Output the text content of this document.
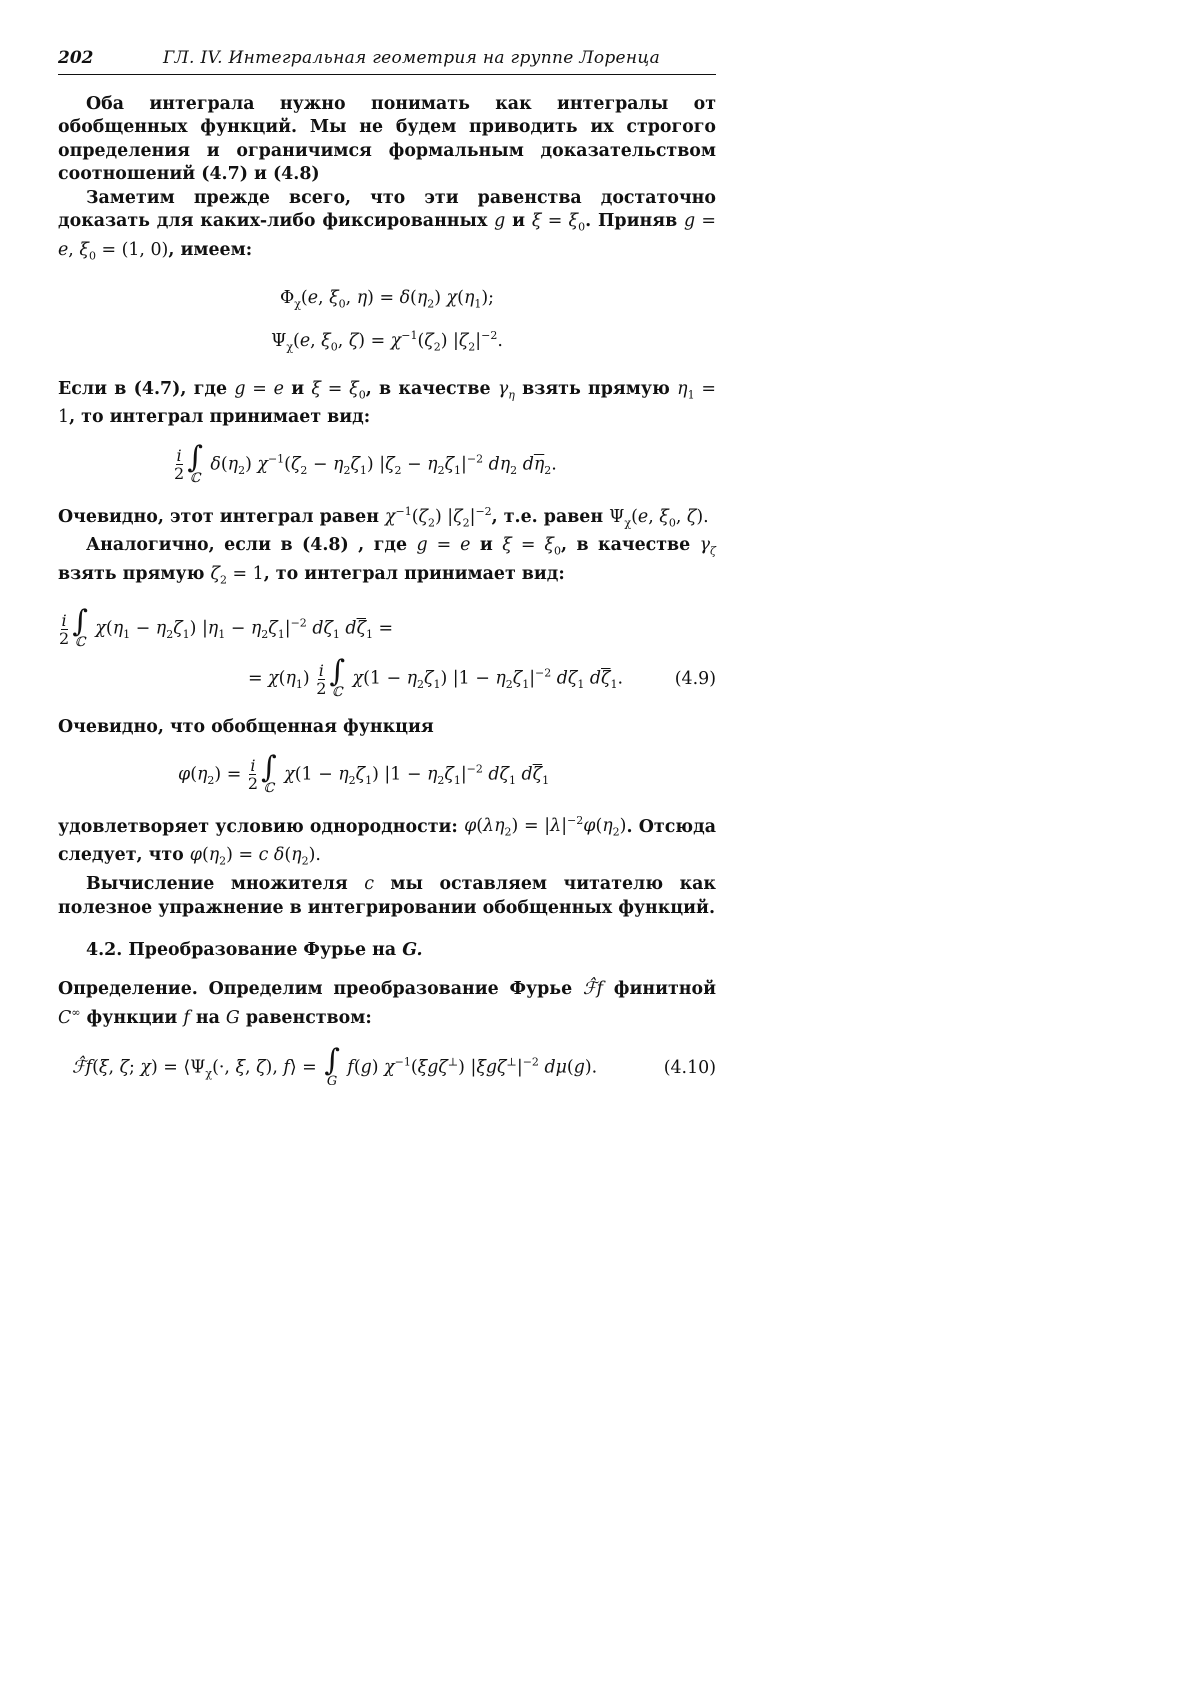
202	ГЛ. IV. Интегральная геометрия на группе Лоренца

Оба интеграла нужно понимать как интегралы от обобщенных функций. Мы не будем приводить их строгого определения и ограничимся формальным доказательством соотношений (4.7) и (4.8)

Заметим прежде всего, что эти равенства достаточно доказать для каких-либо фиксированных g и $\xi = \xi_0$. Приняв g = e, $\xi_0 = (1$, 0), имеем:

$\Phi_\chi(e$, $\xi_0$, $\eta) = \delta(\eta_2)$ $\chi(\eta_1)$;
$\Psi_\chi(e$, $\xi_0$, $\zeta) = \chi^{-1}(\zeta_2)$ $|\zeta_2|^{-2}$.

Если в (4.7), где g = e и $\xi = \xi_0$, в качестве $\gamma_\eta$ взять прямую $\eta_1 = 1$, то интеграл принимает вид:

$\frac{i}{2}$ ∫
ℂ
$\delta(\eta_2) \chi^{-1}(\zeta_2 - \eta_2\zeta_1) |\zeta_2 - \eta_2\zeta_1|^{-2}$ $d\eta_2$ $d\overline{\eta}_2$.

Очевидно, этот интеграл равен $\chi^{-1}(\zeta_2)$ $|\zeta_2|^{-2}$, т.е. равен $\Psi_\chi(e$, $\xi_0$, ζ).

Аналогично, если в (4.8) , где g = e и $\xi = \xi_0$, в качестве $\gamma_\zeta$ взять прямую $\zeta_2 = 1$, то интеграл принимает вид:

$\frac{i}{2}$ ∫
ℂ
$\chi(\eta_1 - \eta_2\zeta_1) |\eta_1 - \eta_2\zeta_1|^{-2}$ $d\zeta_1$ $d\overline{\zeta}_1$ =
= $\chi(\eta_1) \frac{i}{2}$ ∫
ℂ
$\chi(1 - \eta_2\zeta_1)$ $|1 - \eta_2\zeta_1|^{-2}$ $d\zeta_1$ $d\overline{\zeta}_1$.	(4.9)

Очевидно, что обобщенная функция

$\varphi(\eta_2) = \frac{i}{2}$ ∫
ℂ
$\chi(1 - \eta_2\zeta_1)$ $|1 - \eta_2\zeta_1|^{-2}$ $d\zeta_1$ $d\overline{\zeta}_1$

удовлетворяет условию однородности: $\varphi(\lambda\eta_2) = |\lambda|^{-2}\varphi(\eta_2)$. Отсюда следует, что $\varphi(\eta_2) = c$ $\delta(\eta_2)$.

Вычисление множителя c мы оставляем читателю как полезное упражнение в интегрировании обобщенных функций.

4.2. Преобразование Фурье на G.

Определение. Определим преобразование Фурье ℱ̂f финитной C∞ функции f на G равенством:

ℱ̂f(ξ, ζ; $\chi) = ⟨\Psi_\chi(\cdot$, ξ, ζ), f⟩ = ∫
G
f(g) $\chi^{-1}(\xi g\zeta^\perp)$ $|\xi g\zeta^\perp|^{-2}$ dμ(g).	(4.10)
